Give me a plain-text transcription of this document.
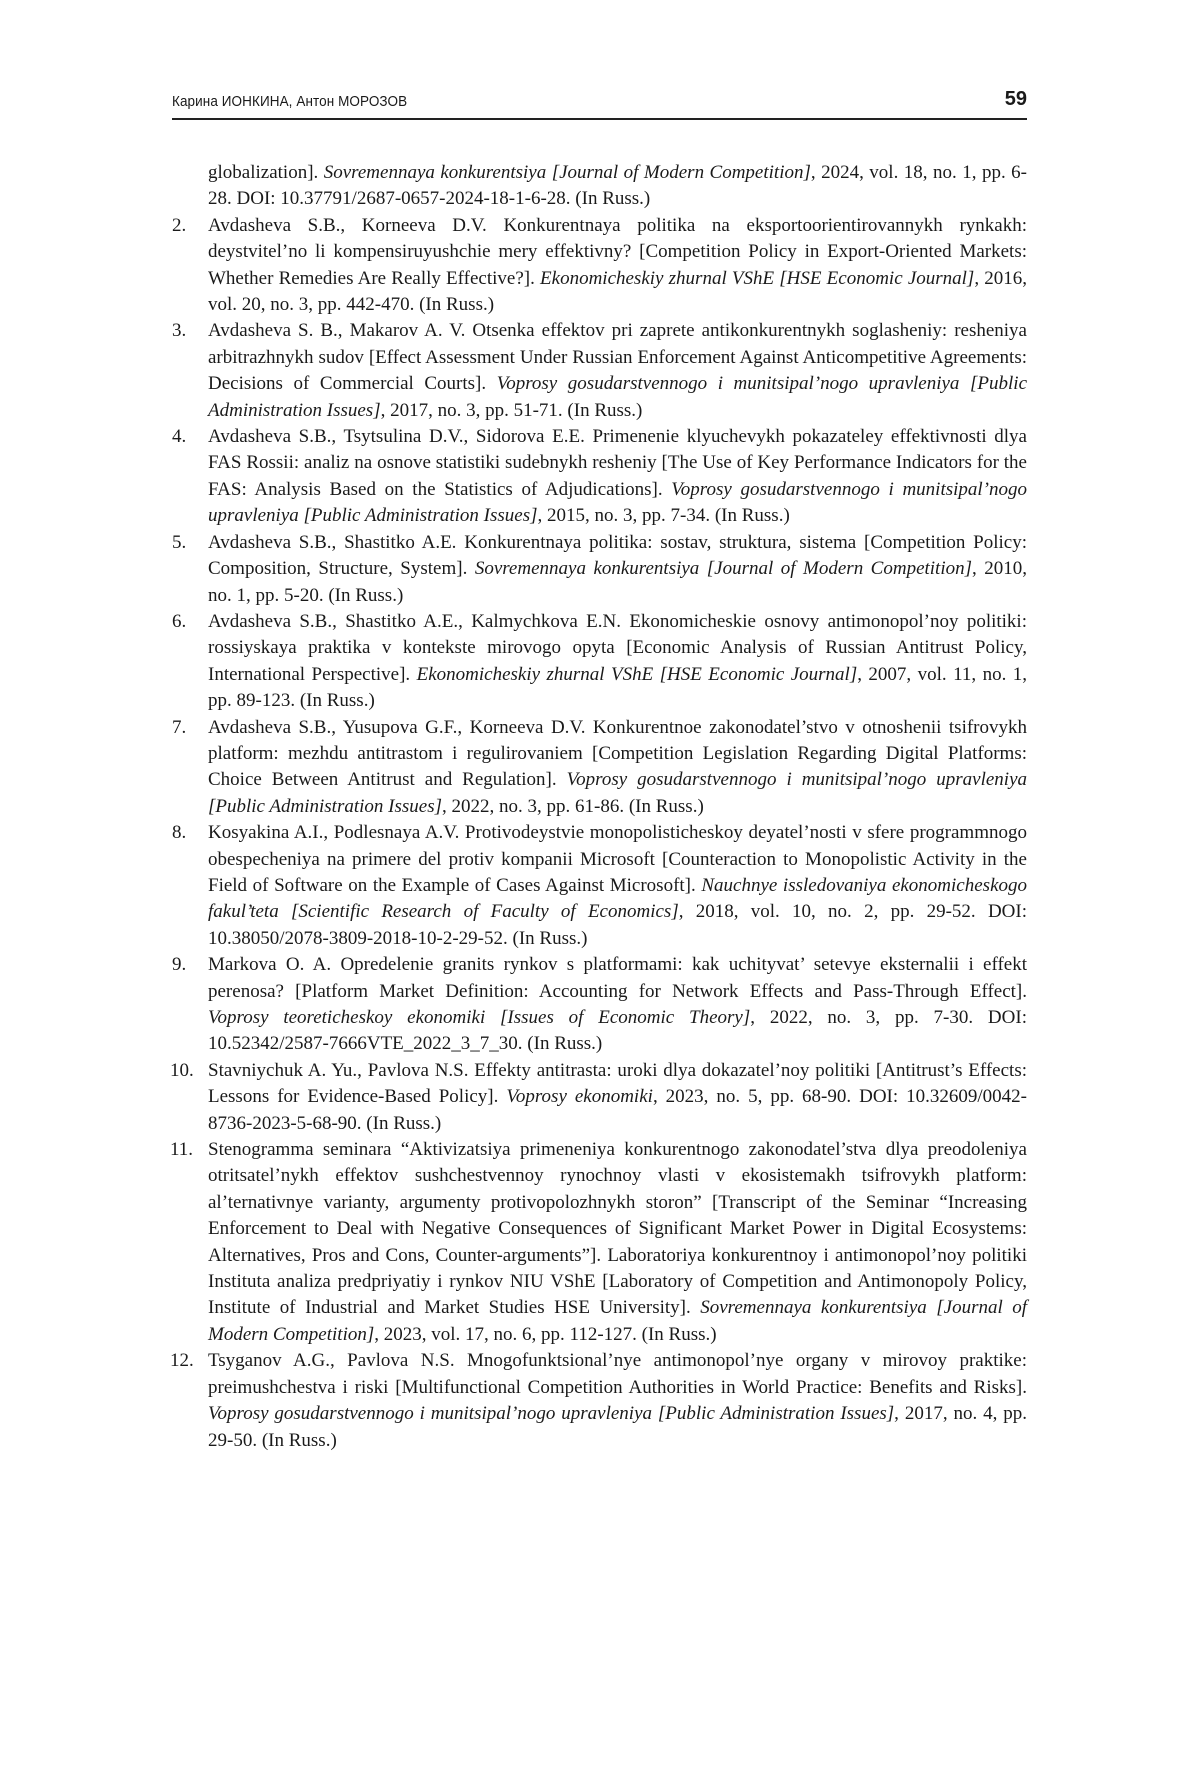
Карина ИОНКИНА, Антон МОРОЗОВ	59
globalization]. Sovremennaya konkurentsiya [Journal of Modern Competition], 2024, vol. 18, no. 1, pp. 6-28. DOI: 10.37791/2687-0657-2024-18-1-6-28. (In Russ.)
2.	Avdasheva S.B., Korneeva D.V. Konkurentnaya politika na eksportoorientirovannykh rynkakh: deystvitel’no li kompensiruyushchie mery effektivny? [Competition Policy in Export-Oriented Markets: Whether Remedies Are Really Effective?]. Ekonomicheskiy zhurnal VShE [HSE Economic Journal], 2016, vol. 20, no. 3, pp. 442-470. (In Russ.)
3.	Avdasheva S. B., Makarov A. V. Otsenka effektov pri zaprete antikonkurentnykh soglasheniy: resheniya arbitrazhnykh sudov [Effect Assessment Under Russian Enforcement Against Anticompetitive Agreements: Decisions of Commercial Courts]. Voprosy gosudarstvennogo i munitsipal’nogo upravleniya [Public Administration Issues], 2017, no. 3, pp. 51-71. (In Russ.)
4.	Avdasheva S.B., Tsytsulina D.V., Sidorova E.E. Primenenie klyuchevykh pokazateley effektivnosti dlya FAS Rossii: analiz na osnove statistiki sudebnykh resheniy [The Use of Key Performance Indicators for the FAS: Analysis Based on the Statistics of Adjudications]. Voprosy gosudarstvennogo i munitsipal’nogo upravleniya [Public Administration Issues], 2015, no. 3, pp. 7-34. (In Russ.)
5.	Avdasheva S.B., Shastitko A.E. Konkurentnaya politika: sostav, struktura, sistema [Competition Policy: Composition, Structure, System]. Sovremennaya konkurentsiya [Journal of Modern Competition], 2010, no. 1, pp. 5-20. (In Russ.)
6.	Avdasheva S.B., Shastitko A.E., Kalmychkova E.N. Ekonomicheskie osnovy antimonopol’noy politiki: rossiyskaya praktika v kontekste mirovogo opyta [Economic Analysis of Russian Antitrust Policy, International Perspective]. Ekonomicheskiy zhurnal VShE [HSE Economic Journal], 2007, vol. 11, no. 1, pp. 89-123. (In Russ.)
7.	Avdasheva S.B., Yusupova G.F., Korneeva D.V. Konkurentnoe zakonodatel’stvo v otnoshenii tsifrovykh platform: mezhdu antitrastom i regulirovaniem [Competition Legislation Regarding Digital Platforms: Choice Between Antitrust and Regulation]. Voprosy gosudarstvennogo i munitsipal’nogo upravleniya [Public Administration Issues], 2022, no. 3, pp. 61-86. (In Russ.)
8.	Kosyakina A.I., Podlesnaya A.V. Protivodeystvie monopolisticheskoy deyatel’nosti v sfere programmnogo obespecheniya na primere del protiv kompanii Microsoft [Counteraction to Monopolistic Activity in the Field of Software on the Example of Cases Against Microsoft]. Nauchnye issledovaniya ekonomicheskogo fakul’teta [Scientific Research of Faculty of Economics], 2018, vol. 10, no. 2, pp. 29-52. DOI: 10.38050/2078-3809-2018-10-2-29-52. (In Russ.)
9.	Markova O. A. Opredelenie granits rynkov s platformami: kak uchityvat’ setevye eksternalii i effekt perenosa? [Platform Market Definition: Accounting for Network Effects and Pass-Through Effect]. Voprosy teoreticheskoy ekonomiki [Issues of Economic Theory], 2022, no. 3, pp. 7-30. DOI: 10.52342/2587-7666VTE_2022_3_7_30. (In Russ.)
10. Stavniychuk A. Yu., Pavlova N.S. Effekty antitrasta: uroki dlya dokazatel’noy politiki [Antitrust’s Effects: Lessons for Evidence-Based Policy]. Voprosy ekonomiki, 2023, no. 5, pp. 68-90. DOI: 10.32609/0042-8736-2023-5-68-90. (In Russ.)
11. Stenogramma seminara “Aktivizatsiya primeneniya konkurentnogo zakonodatel’stva dlya preodoleniya otritsatel’nykh effektov sushchestvennoy rynochnoy vlasti v ekosistemakh tsifrovykh platform: al’ternativnye varianty, argumenty protivopolozhnykh storon” [Transcript of the Seminar “Increasing Enforcement to Deal with Negative Consequences of Significant Market Power in Digital Ecosystems: Alternatives, Pros and Cons, Counter-arguments”]. Laboratoriya konkurentnoy i antimonopol’noy politiki Instituta analiza predpriyatiy i rynkov NIU VShE [Laboratory of Competition and Antimonopoly Policy, Institute of Industrial and Market Studies HSE University]. Sovremennaya konkurentsiya [Journal of Modern Competition], 2023, vol. 17, no. 6, pp. 112-127. (In Russ.)
12. Tsyganov A.G., Pavlova N.S. Mnogofunktsional’nye antimonopol’nye organy v mirovoy praktike: preimushchestva i riski [Multifunctional Competition Authorities in World Practice: Benefits and Risks]. Voprosy gosudarstvennogo i munitsipal’nogo upravleniya [Public Administration Issues], 2017, no. 4, pp. 29-50. (In Russ.)
